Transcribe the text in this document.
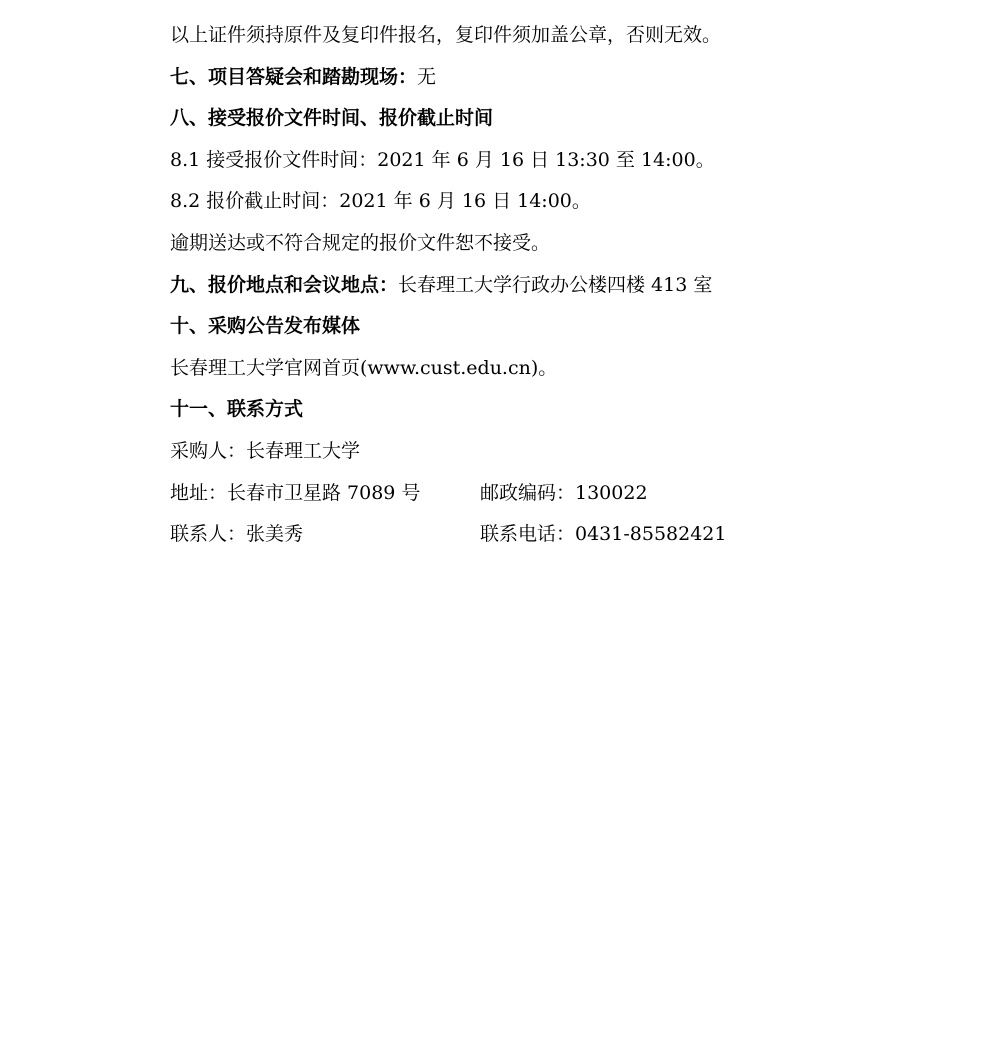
以上证件须持原件及复印件报名，复印件须加盖公章，否则无效。
七、项目答疑会和踏勘现场：无
八、接受报价文件时间、报价截止时间
8.1 接受报价文件时间：2021 年 6 月 16 日 13:30 至 14:00。
8.2 报价截止时间：2021 年 6 月 16 日 14:00。
逾期送达或不符合规定的报价文件恕不接受。
九、报价地点和会议地点：长春理工大学行政办公楼四楼 413 室
十、采购公告发布媒体
长春理工大学官网首页(www.cust.edu.cn)。
十一、联系方式
采购人：长春理工大学
地址：长春市卫星路 7089 号	邮政编码：130022
联系人：张美秀	联系电话：0431-85582421
